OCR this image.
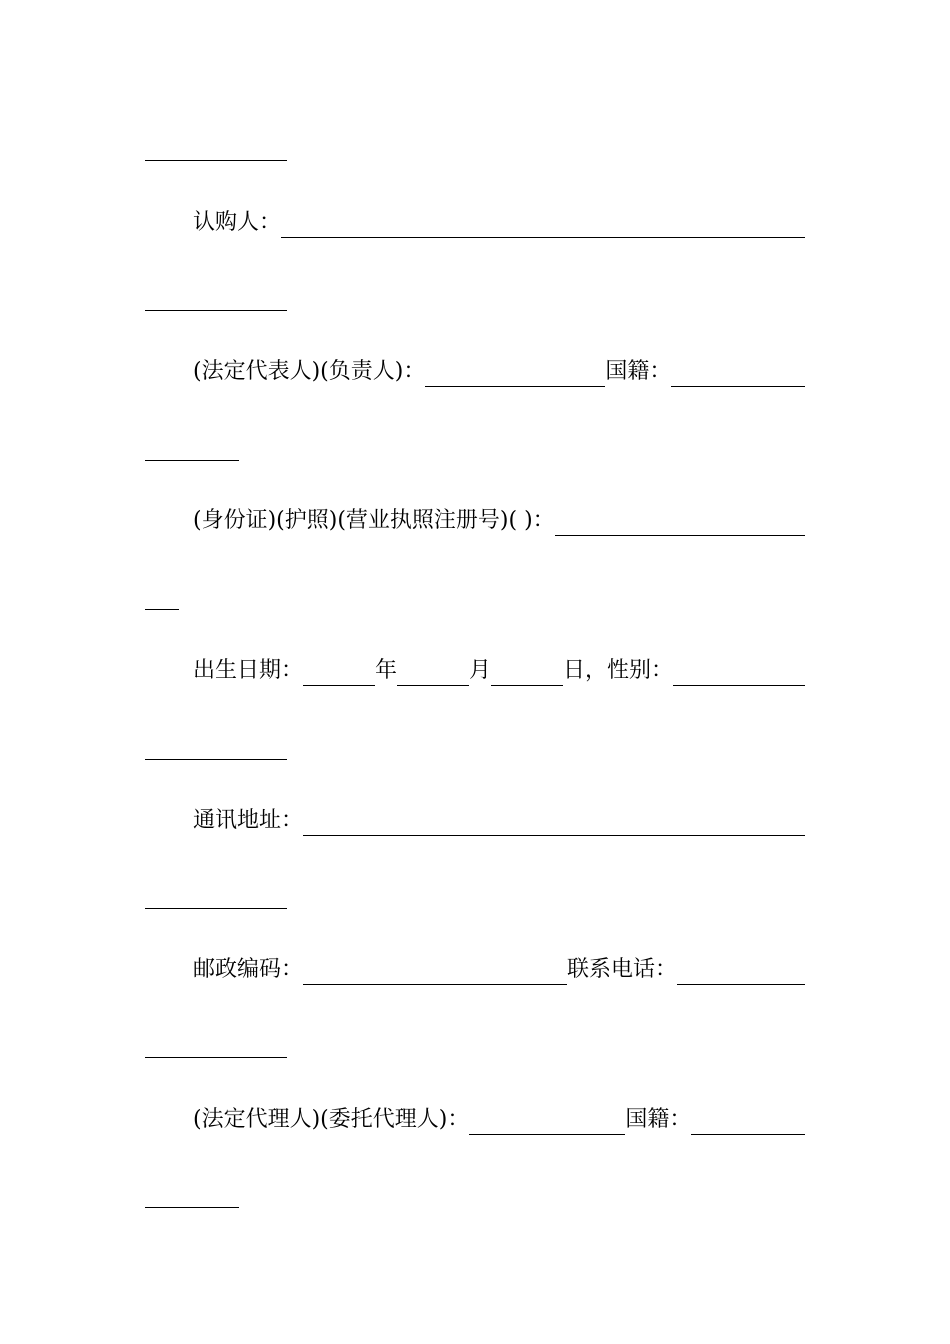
认购人：
(法定代表人)(负责人)：	国籍：
(身份证)(护照)(营业执照注册号)( )：
出生日期：	年	月	日，性别：
通讯地址：
邮政编码：	联系电话：
(法定代理人)(委托代理人)：	国籍：
